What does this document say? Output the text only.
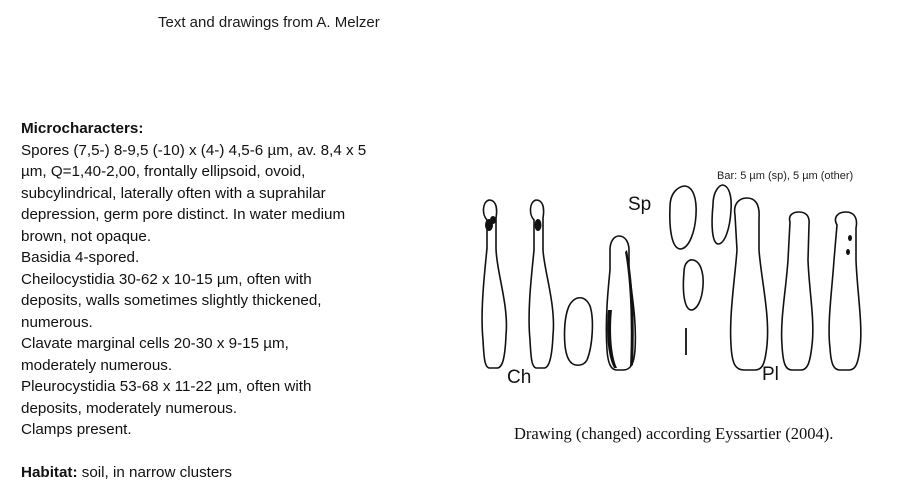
Text and drawings from A. Melzer

Microcharacters:

Spores (7,5-) 8-9,5 (-10) x (4-) 4,5-6 µm, av. 8,4 x 5

µm, Q=1,40-2,00, frontally ellipsoid, ovoid,

subcylindrical, laterally often with a suprahilar

depression, germ pore distinct. In water medium

brown, not opaque.

Basidia 4-spored.

Cheilocystidia 30-62 x 10-15 µm, often with

deposits, walls sometimes slightly thickened,

numerous.

Clavate marginal cells 20-30 x 9-15 µm,

moderately numerous.

Pleurocystidia 53-68 x 11-22 µm, often with

deposits, moderately numerous.

Clamps present.

Habitat: soil, in narrow clusters

Bar: 5 µm (sp), 5 µm (other)
Sp
Ch	Pl
Drawing (changed) according Eyssartier (2004).
